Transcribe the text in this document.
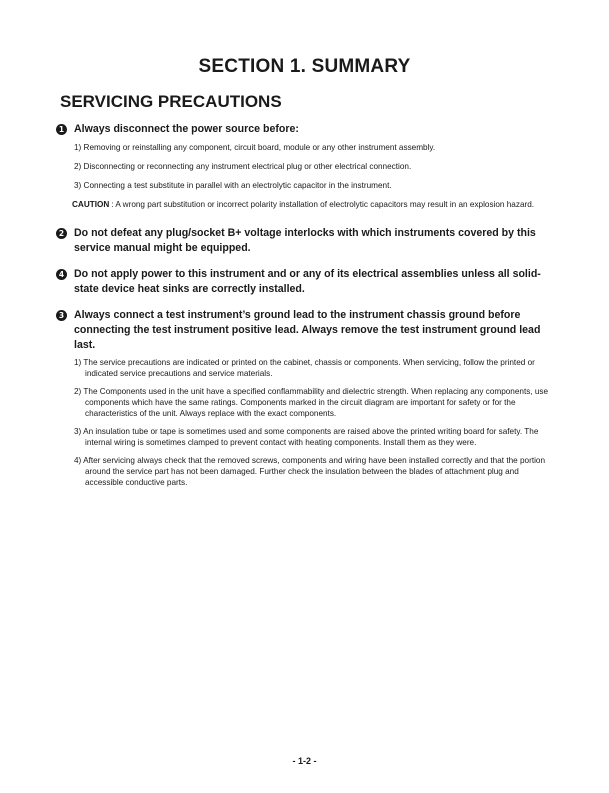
SECTION 1. SUMMARY
SERVICING PRECAUTIONS
1 Always disconnect the power source before:
1) Removing or reinstalling any component, circuit board, module or any other instrument assembly.
2) Disconnecting or reconnecting any instrument electrical plug or other electrical connection.
3) Connecting a test substitute in parallel with an electrolytic capacitor in the instrument.
CAUTION : A wrong part substitution or incorrect polarity installation of electrolytic capacitors may result in an explosion hazard.
2 Do not defeat any plug/socket B+ voltage interlocks with which instruments covered by this service manual might be equipped.
4 Do not apply power to this instrument and or any of its electrical assemblies unless all solid-state device heat sinks are correctly installed.
3 Always connect a test instrument’s ground lead to the instrument chassis ground before connecting the test instrument positive lead. Always remove the test instrument ground lead last.
1) The service precautions are indicated or printed on the cabinet, chassis or components. When servicing, follow the printed or indicated service precautions and service materials.
2) The Components used in the unit have a specified conflammability and dielectric strength. When replacing any components, use components which have the same ratings. Components marked in the circuit diagram are important for safety or for the characteristics of the unit. Always replace with the exact components.
3) An insulation tube or tape is sometimes used and some components are raised above the printed writing board for safety. The internal wiring is sometimes clamped to prevent contact with heating components. Install them as they were.
4) After servicing always check that the removed screws, components and wiring have been installed correctly and that the portion around the service part has not been damaged. Further check the insulation between the blades of attachment plug and accessible conductive parts.
- 1-2 -
